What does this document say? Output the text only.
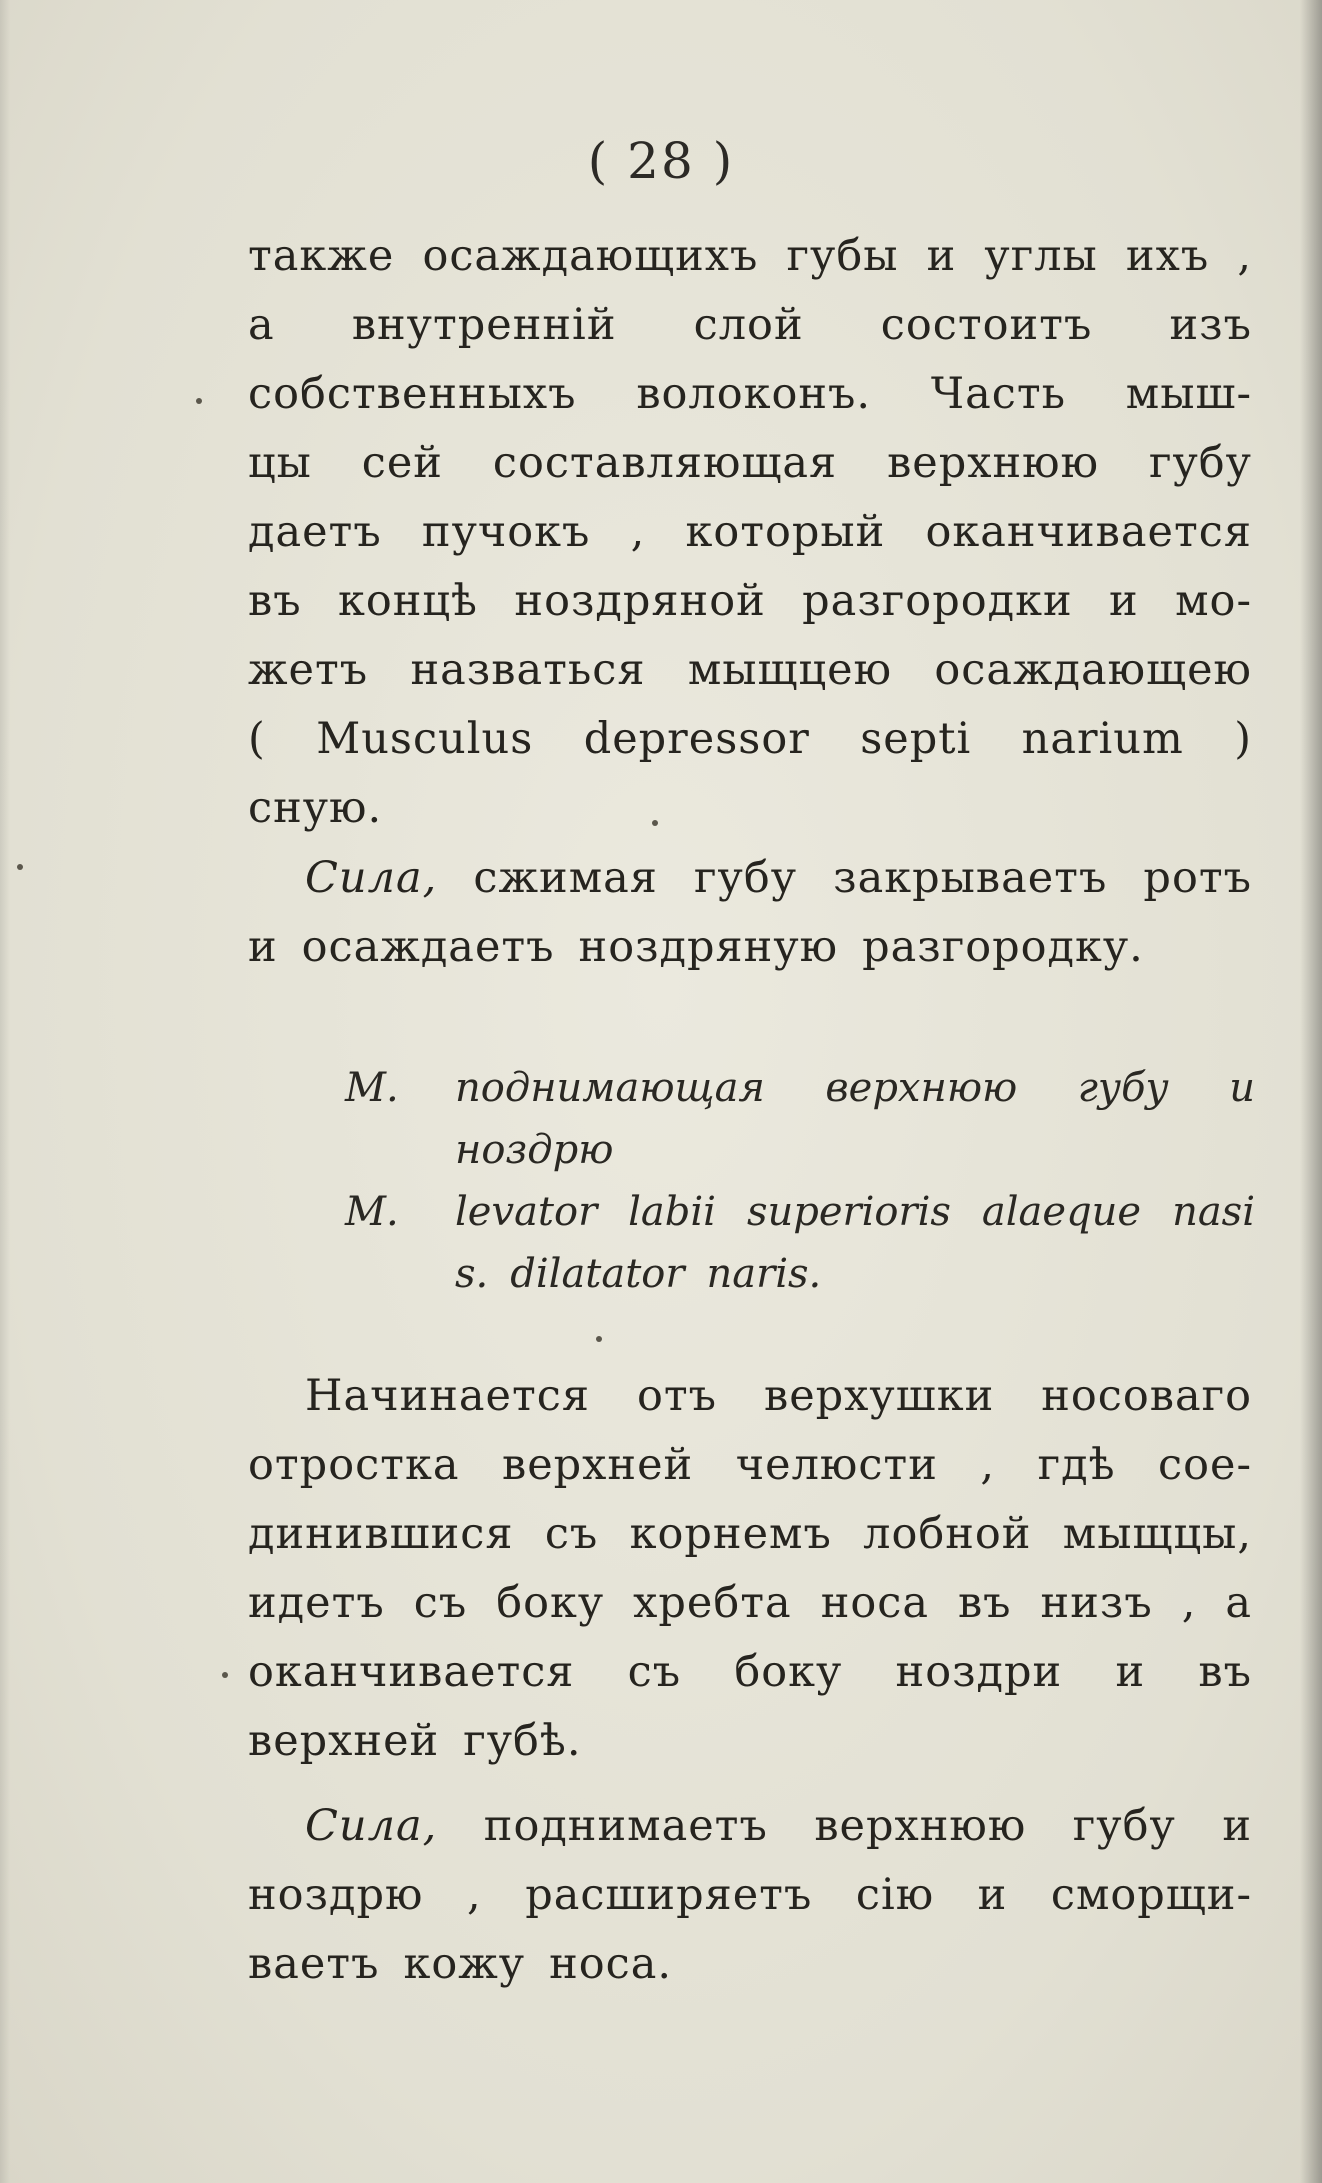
( 28 )
также осаждающихъ губы и углы ихъ ,
а внутренній слой состоитъ изъ
собственныхъ волоконъ. Часть мыш-
цы сей составляющая верхнюю губу
даетъ пучокъ , который оканчивается
въ концѣ ноздряной разгородки и мо-
жетъ назваться мыщцею осаждающею
( Musculus depressor septi narium )
сную.
Сила, сжимая губу закрываетъ ротъ
и осаждаетъ ноздряную разгородку.
M.	поднимающая верхнюю губу и
ноздрю
M.	levator labii superioris alaeque nasi
s. dilatator naris.
Начинается отъ верхушки носоваго
отростка верхней челюсти , гдѣ сое-
динившися съ корнемъ лобной мыщцы,
идетъ съ боку хребта носа въ низъ , а
оканчивается съ боку ноздри и въ
верхней губѣ.
Сила, поднимаетъ верхнюю губу и
ноздрю , расширяетъ сію и сморщи-
ваетъ кожу носа.
